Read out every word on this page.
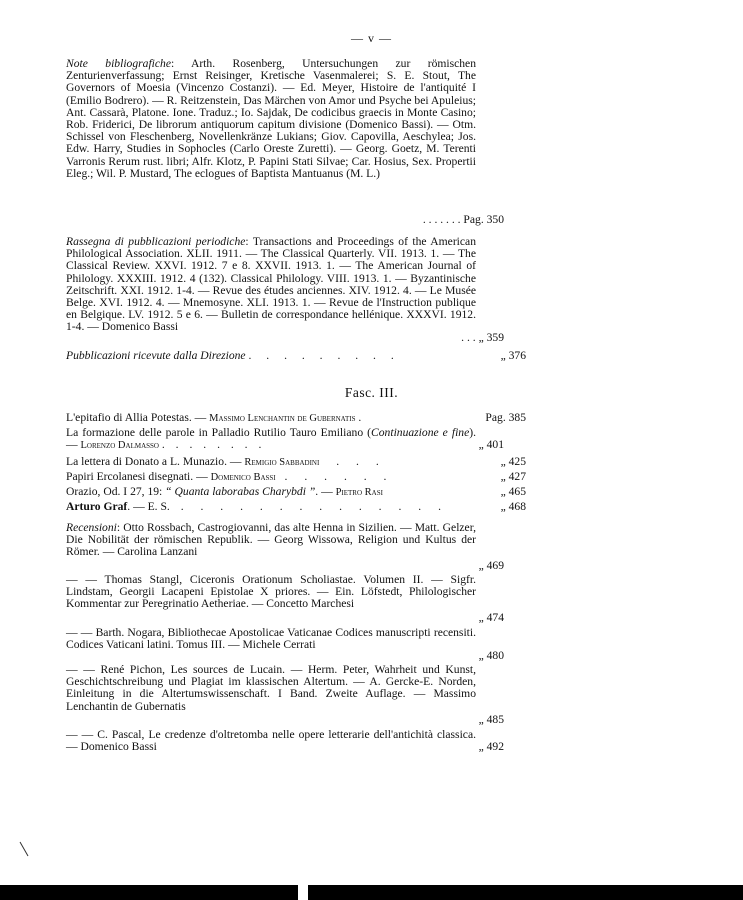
— v —
Note bibliografiche: Arth. Rosenberg, Untersuchungen zur römischen Zenturienverfassung; Ernst Reisinger, Kretische Vasenmalerei; S. E. Stout, The Governors of Moesia (Vincenzo Costanzi). — Ed. Meyer, Histoire de l'antiquité I (Emilio Bodrero). — R. Reitzenstein, Das Märchen von Amor und Psyche bei Apuleius; Ant. Cassarà, Platone. Ione. Traduz.; Io. Sajdak, De codicibus graecis in Monte Casino; Rob. Friderici, De librorum antiquorum capitum divisione (Domenico Bassi). — Otm. Schissel von Fleschenberg, Novellenkränze Lukians; Giov. Capovilla, Aeschylea; Jos. Edw. Harry, Studies in Sophocles (Carlo Oreste Zuretti). — Georg. Goetz, M. Terenti Varronis Rerum rust. libri; Alfr. Klotz, P. Papini Stati Silvae; Car. Hosius, Sex. Propertii Eleg.; Wil. P. Mustard, The eclogues of Baptista Mantuanus (M. L.)
. . . . . . . Pag. 350
Rassegna di pubblicazioni periodiche: Transactions and Proceedings of the American Philological Association. XLII. 1911. — The Classical Quarterly. VII. 1913. 1. — The Classical Review. XXVI. 1912. 7 e 8. XXVII. 1913. 1. — The American Journal of Philology. XXXIII. 1912. 4 (132). Classical Philology. VIII. 1913. 1. — Byzantinische Zeitschrift. XXI. 1912. 1-4. — Revue des études anciennes. XIV. 1912. 4. — Le Musée Belge. XVI. 1912. 4. — Mnemosyne. XLI. 1913. 1. — Revue de l'Instruction publique en Belgique. LV. 1912. 5 e 6. — Bulletin de correspondance hellénique. XXXVI. 1912. 1-4. — Domenico Bassi
. . . „ 359
Pubblicazioni ricevute dalla Direzione . . . . . . . . .	„ 376
Fasc. III.
L'epitafio di Allia Potestas. — Massimo Lenchantin de Gubernatis .	Pag. 385
La formazione delle parole in Palladio Rutilio Tauro Emiliano (Continuazione e fine). — Lorenzo Dalmasso . . . . . . . .	„ 401
La lettera di Donato a L. Munazio. — Remigio Sabbadini . . .	„ 425
Papiri Ercolanesi disegnati. — Domenico Bassi . . . . . .	„ 427
Orazio, Od. I 27, 19: “ Quanta laborabas Charybdi ”. — Pietro Rasi	„ 465
Arturo Graf. — E. S. . . . . . . . . . . . . . .	„ 468
Recensioni: Otto Rossbach, Castrogiovanni, das alte Henna in Sizilien. — Matt. Gelzer, Die Nobilität der römischen Republik. — Georg Wissowa, Religion und Kultus der Römer. — Carolina Lanzani
„ 469
— — Thomas Stangl, Ciceronis Orationum Scholiastae. Volumen II. — Sigfr. Lindstam, Georgii Lacapeni Epistolae X priores. — Ein. Löfstedt, Philologischer Kommentar zur Peregrinatio Aetheriae. — Concetto Marchesi
„ 474
— — Barth. Nogara, Bibliothecae Apostolicae Vaticanae Codices manuscripti recensiti. Codices Vaticani latini. Tomus III. — Michele Cerrati
„ 480
— — René Pichon, Les sources de Lucain. — Herm. Peter, Wahrheit und Kunst, Geschichtschreibung und Plagiat im klassischen Altertum. — A. Gercke-E. Norden, Einleitung in die Altertumswissenschaft. I Band. Zweite Auflage. — Massimo Lenchantin de Gubernatis
„ 485
— — C. Pascal, Le credenze d'oltretomba nelle opere letterarie dell'antichità classica. — Domenico Bassi	„ 492
